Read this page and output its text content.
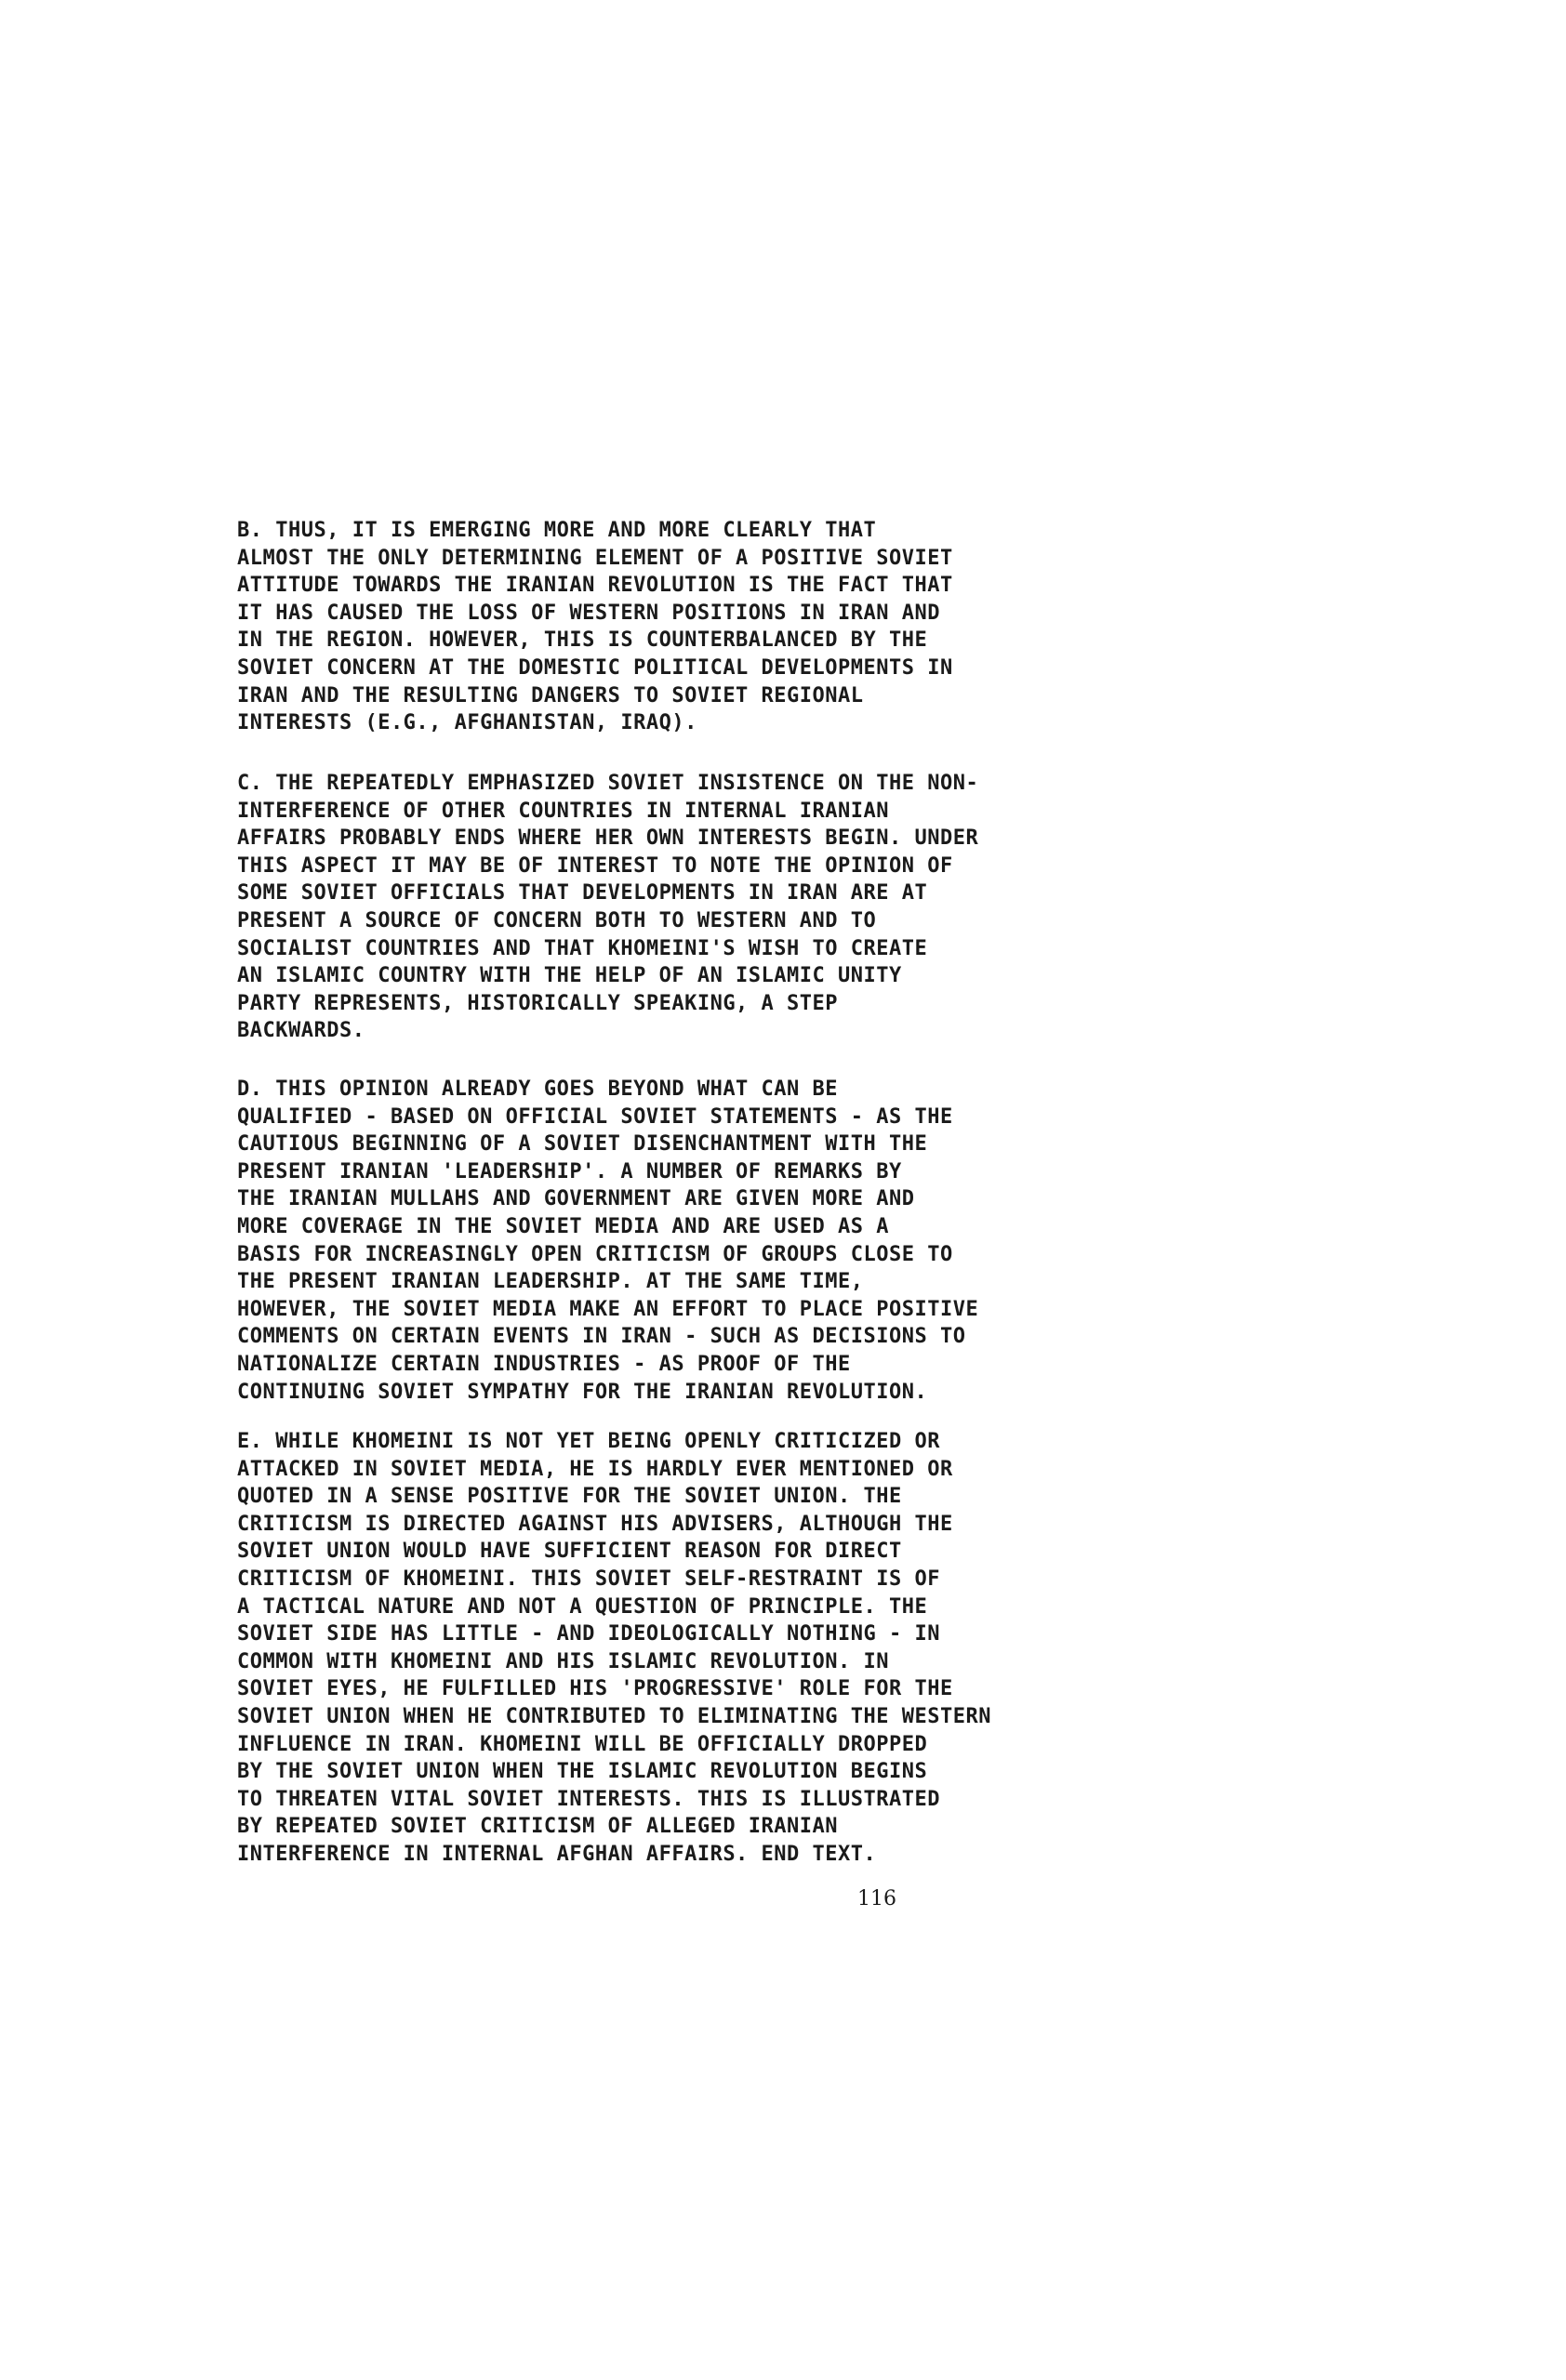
B. THUS, IT IS EMERGING MORE AND MORE CLEARLY THAT
ALMOST THE ONLY DETERMINING ELEMENT OF A POSITIVE SOVIET
ATTITUDE TOWARDS THE IRANIAN REVOLUTION IS THE FACT THAT
IT HAS CAUSED THE LOSS OF WESTERN POSITIONS IN IRAN AND
IN THE REGION. HOWEVER, THIS IS COUNTERBALANCED BY THE
SOVIET CONCERN AT THE DOMESTIC POLITICAL DEVELOPMENTS IN
IRAN AND THE RESULTING DANGERS TO SOVIET REGIONAL
INTERESTS (E.G., AFGHANISTAN, IRAQ).
C. THE REPEATEDLY EMPHASIZED SOVIET INSISTENCE ON THE NON-
INTERFERENCE OF OTHER COUNTRIES IN INTERNAL IRANIAN
AFFAIRS PROBABLY ENDS WHERE HER OWN INTERESTS BEGIN. UNDER
THIS ASPECT IT MAY BE OF INTEREST TO NOTE THE OPINION OF
SOME SOVIET OFFICIALS THAT DEVELOPMENTS IN IRAN ARE AT
PRESENT A SOURCE OF CONCERN BOTH TO WESTERN AND TO
SOCIALIST COUNTRIES AND THAT KHOMEINI'S WISH TO CREATE
AN ISLAMIC COUNTRY WITH THE HELP OF AN ISLAMIC UNITY
PARTY REPRESENTS, HISTORICALLY SPEAKING, A STEP
BACKWARDS.
D. THIS OPINION ALREADY GOES BEYOND WHAT CAN BE
QUALIFIED - BASED ON OFFICIAL SOVIET STATEMENTS - AS THE
CAUTIOUS BEGINNING OF A SOVIET DISENCHANTMENT WITH THE
PRESENT IRANIAN 'LEADERSHIP'. A NUMBER OF REMARKS BY
THE IRANIAN MULLAHS AND GOVERNMENT ARE GIVEN MORE AND
MORE COVERAGE IN THE SOVIET MEDIA AND ARE USED AS A
BASIS FOR INCREASINGLY OPEN CRITICISM OF GROUPS CLOSE TO
THE PRESENT IRANIAN LEADERSHIP. AT THE SAME TIME,
HOWEVER, THE SOVIET MEDIA MAKE AN EFFORT TO PLACE POSITIVE
COMMENTS ON CERTAIN EVENTS IN IRAN - SUCH AS DECISIONS TO
NATIONALIZE CERTAIN INDUSTRIES - AS PROOF OF THE
CONTINUING SOVIET SYMPATHY FOR THE IRANIAN REVOLUTION.
E. WHILE KHOMEINI IS NOT YET BEING OPENLY CRITICIZED OR
ATTACKED IN SOVIET MEDIA, HE IS HARDLY EVER MENTIONED OR
QUOTED IN A SENSE POSITIVE FOR THE SOVIET UNION. THE
CRITICISM IS DIRECTED AGAINST HIS ADVISERS, ALTHOUGH THE
SOVIET UNION WOULD HAVE SUFFICIENT REASON FOR DIRECT
CRITICISM OF KHOMEINI. THIS SOVIET SELF-RESTRAINT IS OF
A TACTICAL NATURE AND NOT A QUESTION OF PRINCIPLE. THE
SOVIET SIDE HAS LITTLE - AND IDEOLOGICALLY NOTHING - IN
COMMON WITH KHOMEINI AND HIS ISLAMIC REVOLUTION. IN
SOVIET EYES, HE FULFILLED HIS 'PROGRESSIVE' ROLE FOR THE
SOVIET UNION WHEN HE CONTRIBUTED TO ELIMINATING THE WESTERN
INFLUENCE IN IRAN. KHOMEINI WILL BE OFFICIALLY DROPPED
BY THE SOVIET UNION WHEN THE ISLAMIC REVOLUTION BEGINS
TO THREATEN VITAL SOVIET INTERESTS. THIS IS ILLUSTRATED
BY REPEATED SOVIET CRITICISM OF ALLEGED IRANIAN
INTERFERENCE IN INTERNAL AFGHAN AFFAIRS. END TEXT.
116
